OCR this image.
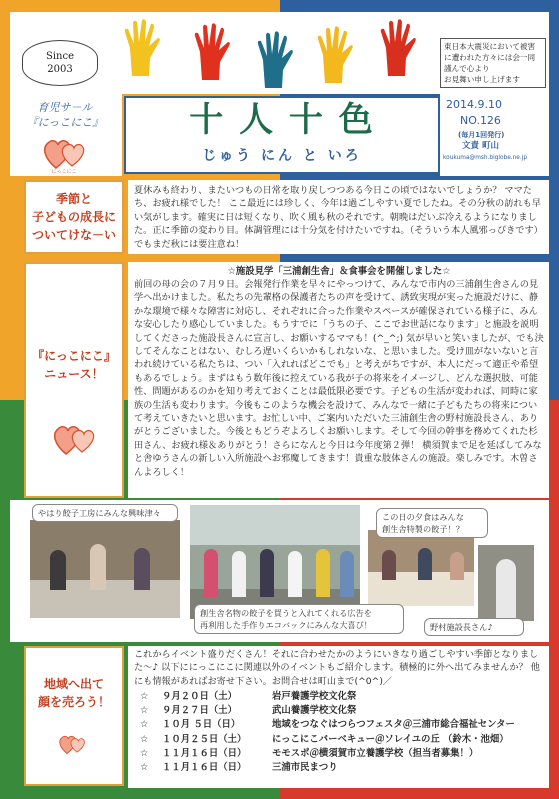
Since
2003
東日本大震災において被害に遭われた方々には会一同謹んで心より
お見舞い申し上げます
育児サ－ル
『にっこにこ』
にっこにこ
十 人 十 色
じゅう にん と いろ
2014.9.10
NO.126
(毎月1回発行)
文責 町山
koukuma@msh.biglobe.ne.jp
季節と
子どもの成長に
ついてけな－い
夏休みも終わり、またいつもの日常を取り戻しつつある今日この頃ではないでしょうか？ ママたち、お疲れ様でした！ ここ最近には珍しく、今年は過ごしやすい夏でしたね。その分秋の訪れも早い気がします。確実に日は短くなり、吹く風も秋のそれです。朝晩はだいぶ冷えるようになりました。正に季節の変わり目。体調管理には十分気を付けたいですね。（そういう本人風邪っぴきです） でもまだ秋には要注意ね！
『にっこにこ』
ニュース！
☆施設見学「三浦創生舎」＆食事会を開催しました☆
前回の母の会の７月９日。会報発行作業を早々にやっつけて、みんなで市内の三浦創生舎さんの見学へ出かけました。私たちの先輩格の保護者たちの声を受けて、誘致実現が実った施設だけに、静かな環境で様々な障害に対応し、それぞれに合った作業やスペースが確保されている様子に、みんな安心したり感心していました。もうすでに「うちの子、ここでお世話になります」と施設を説明してくださった施設長さんに宣言し、お願いするママも！(^_^;) 気が早いと笑いましたが、でも決してそんなことはない、むしろ遅いくらいかもしれないな、と思いました。受け皿がないないと言われ続けている私たちは、つい「入れればどこでも」と考えがちですが、本人にだって適正や希望もあるでしょう。まずはもう数年後に控えている我が子の将来をイメージし、どんな選択肢、可能性、問題があるのかを知り考えておくことは最低限必要です。子どもの生活が変われば、同時に家族の生活も変わります。今後もこのような機会を設けて、みんなで一緒に子どもたちの将来について考えていきたいと思います。お忙しい中、ご案内いただいた三浦創生舎の野村施設長さん、ありがとうございました。今後ともどうぞよろしくお願いします。そして今回の幹事を務めてくれた杉田さん、お疲れ様＆ありがとう！さらになんと今日は今年度第２弾！ 横須賀まで足を延ばしてみなと舎ゆうさんの新しい入所施設へお邪魔してきます！貴重な肢体さんの施設。楽しみです。木曽さんよろしく！
やはり餃子工房にみんな興味津々	この日の夕食はみんな
創生舎特製の餃子！？
創生舎名物の餃子を買うと入れてくれる広告を
再利用した手作りエコバックにみんな大喜び！	野村施設長さん♪
地域へ出て
顔を売ろう！
これからイベント盛りだくさん！それに合わせたかのようにいきなり過ごしやすい季節となりました～♪ 以下ににっこにこに関連以外のイベントもご紹介します。積極的に外へ出てみませんか？ 他にも情報があればお寄せ下さい。お問合せは町山まで(^0^)／
☆	９月２０日（土）	岩戸養護学校文化祭
☆	９月２７日（土）	武山養護学校文化祭
☆	１０月 ５日（日）	地域をつなぐはつらつフェスタ＠三浦市総合福祉センター
☆	１０月２５日（土）	にっこにこバーベキュー＠ソレイユの丘 （鈴木・池畑）
☆	１１月１６日（日）	モモスポ＠横須賀市立養護学校（担当者募集！）
☆	１１月１６日（日）	三浦市民まつり
